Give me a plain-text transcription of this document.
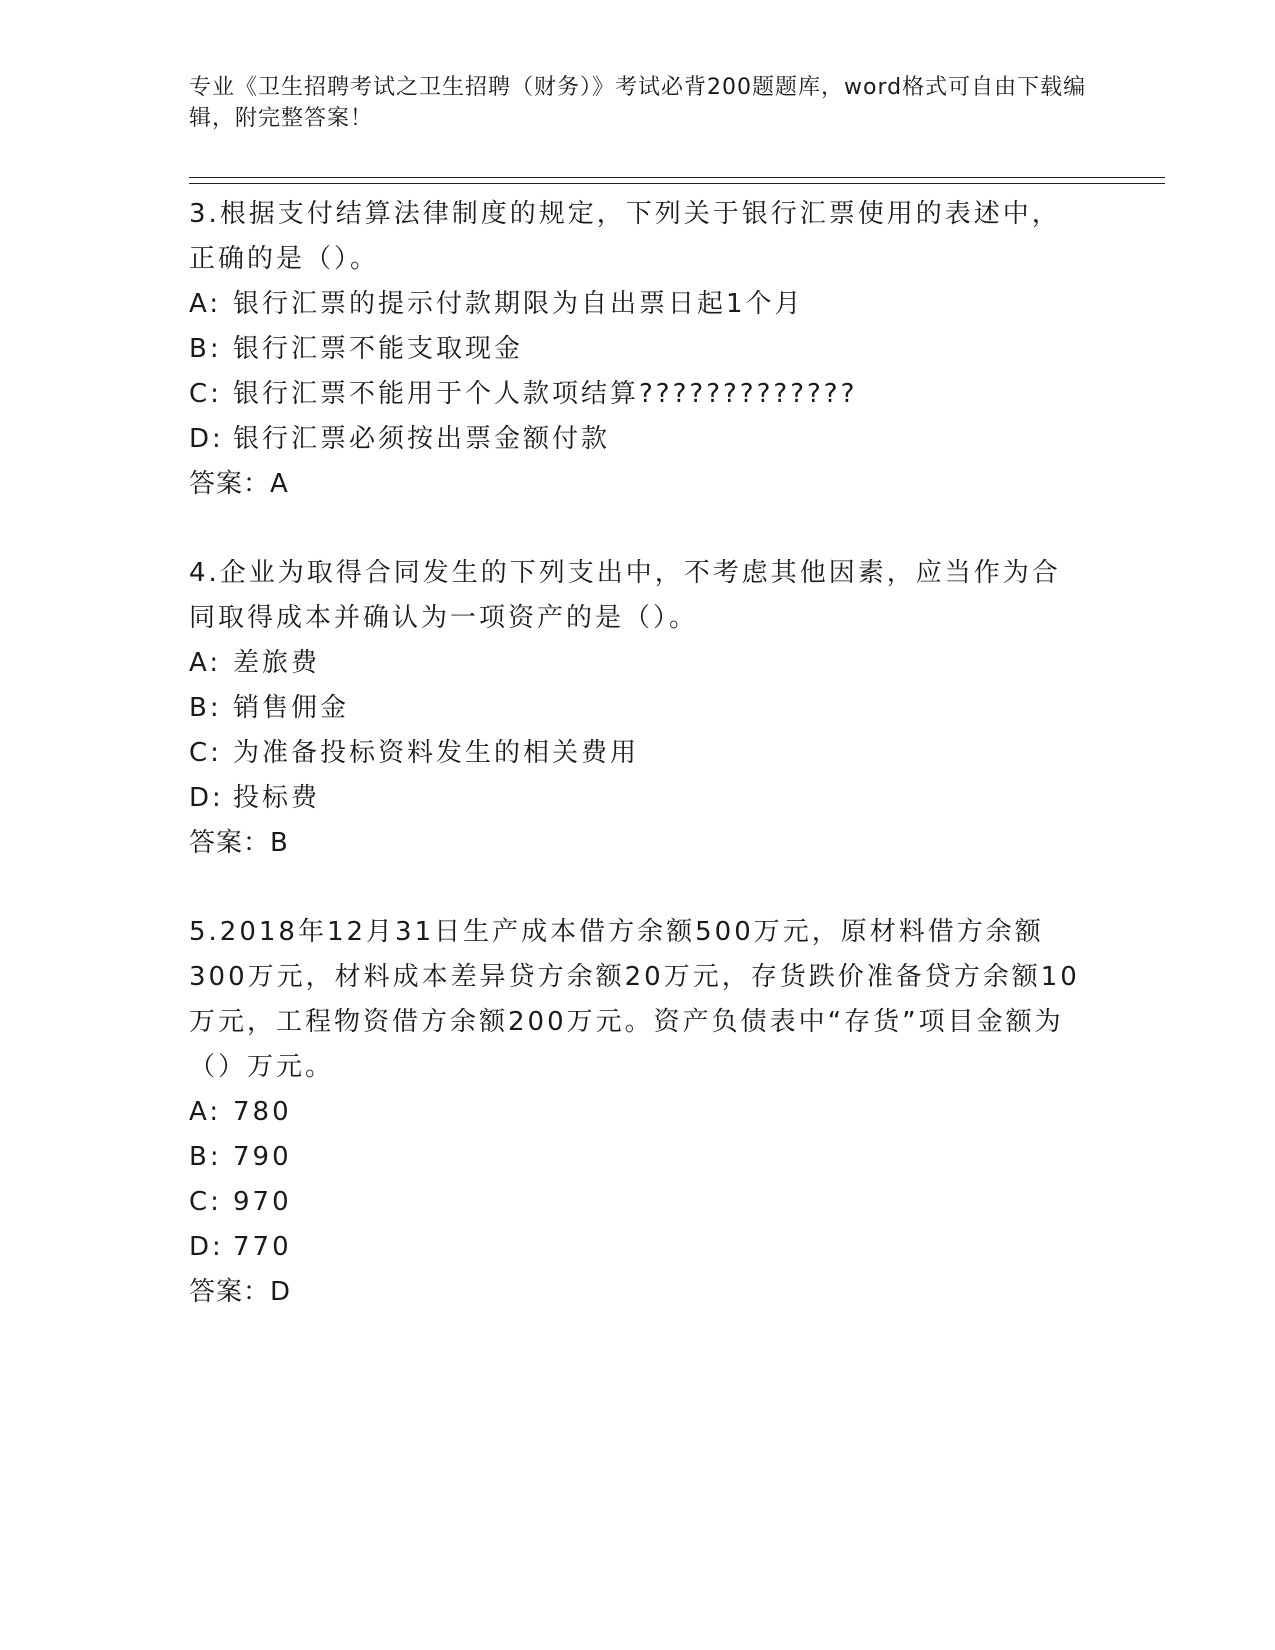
专业《卫生招聘考试之卫生招聘（财务）》考试必背200题题库，word格式可自由下载编辑，附完整答案！
3.根据支付结算法律制度的规定，下列关于银行汇票使用的表述中，正确的是（）。
A: 银行汇票的提示付款期限为自出票日起1个月
B: 银行汇票不能支取现金
C: 银行汇票不能用于个人款项结算?????????????
D: 银行汇票必须按出票金额付款
答案：A
4.企业为取得合同发生的下列支出中，不考虑其他因素，应当作为合同取得成本并确认为一项资产的是（）。
A: 差旅费
B: 销售佣金
C: 为准备投标资料发生的相关费用
D: 投标费
答案：B
5.2018年12月31日生产成本借方余额500万元，原材料借方余额300万元，材料成本差异贷方余额20万元，存货跌价准备贷方余额10万元，工程物资借方余额200万元。资产负债表中“存货”项目金额为（）万元。
A: 780
B: 790
C: 970
D: 770
答案：D
